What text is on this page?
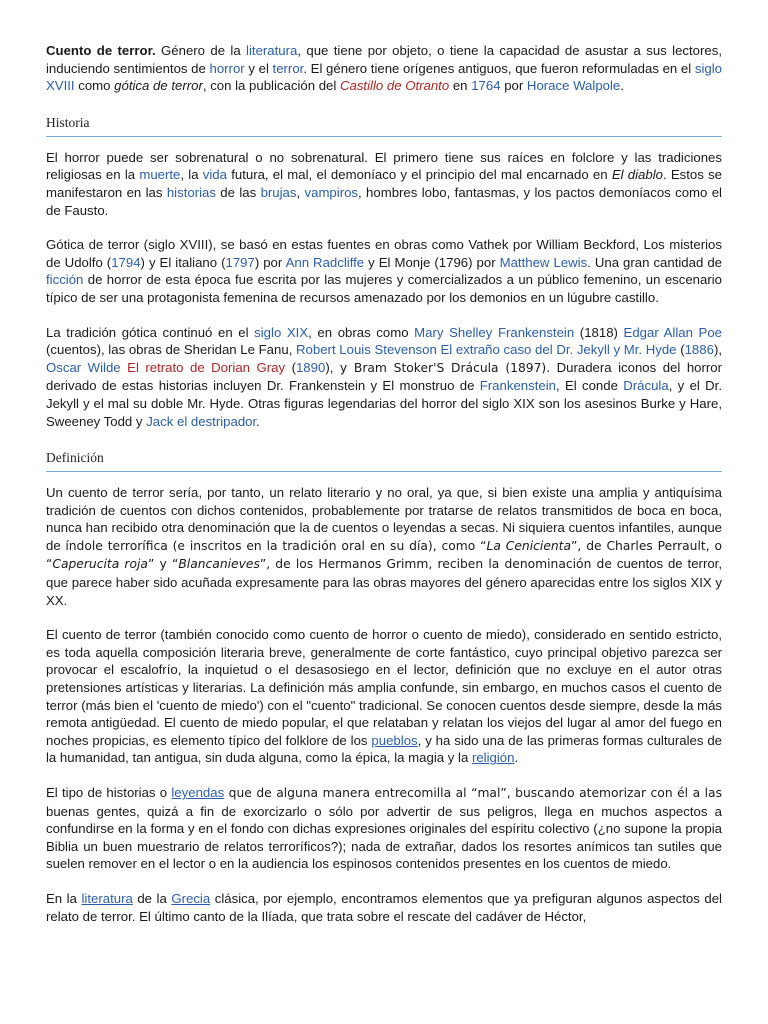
Cuento de terror. Género de la literatura, que tiene por objeto, o tiene la capacidad de asustar a sus lectores, induciendo sentimientos de horror y el terror. El género tiene orígenes antiguos, que fueron reformuladas en el siglo XVIII como gótica de terror, con la publicación del Castillo de Otranto en 1764 por Horace Walpole.

Historia

El horror puede ser sobrenatural o no sobrenatural. El primero tiene sus raíces en folclore y las tradiciones religiosas en la muerte, la vida futura, el mal, el demoníaco y el principio del mal encarnado en El diablo. Estos se manifestaron en las historias de las brujas, vampiros, hombres lobo, fantasmas, y los pactos demoníacos como el de Fausto.

Gótica de terror (siglo XVIII), se basó en estas fuentes en obras como Vathek por William Beckford, Los misterios de Udolfo (1794) y El italiano (1797) por Ann Radcliffe y El Monje (1796) por Matthew Lewis. Una gran cantidad de ficción de horror de esta época fue escrita por las mujeres y comercializados a un público femenino, un escenario típico de ser una protagonista femenina de recursos amenazado por los demonios en un lúgubre castillo.

La tradición gótica continuó en el siglo XIX, en obras como Mary Shelley Frankenstein (1818) Edgar Allan Poe (cuentos), las obras de Sheridan Le Fanu, Robert Louis Stevenson El extraño caso del Dr. Jekyll y Mr. Hyde (1886), Oscar Wilde El retrato de Dorian Gray (1890), y Bram Stoker'S Drácula (1897). Duradera iconos del horror derivado de estas historias incluyen Dr. Frankenstein y El monstruo de Frankenstein, El conde Drácula, y el Dr. Jekyll y el mal su doble Mr. Hyde. Otras figuras legendarias del horror del siglo XIX son los asesinos Burke y Hare, Sweeney Todd y Jack el destripador.

Definición

Un cuento de terror sería, por tanto, un relato literario y no oral, ya que, si bien existe una amplia y antiquísima tradición de cuentos con dichos contenidos, probablemente por tratarse de relatos transmitidos de boca en boca, nunca han recibido otra denominación que la de cuentos o leyendas a secas. Ni siquiera cuentos infantiles, aunque de índole terrorífica (e inscritos en la tradición oral en su día), como “La Cenicienta”, de Charles Perrault, o “Caperucita roja” y “Blancanieves”, de los Hermanos Grimm, reciben la denominación de cuentos de terror, que parece haber sido acuñada expresamente para las obras mayores del género aparecidas entre los siglos XIX y XX.

El cuento de terror (también conocido como cuento de horror o cuento de miedo), considerado en sentido estricto, es toda aquella composición literaria breve, generalmente de corte fantástico, cuyo principal objetivo parezca ser provocar el escalofrío, la inquietud o el desasosiego en el lector, definición que no excluye en el autor otras pretensiones artísticas y literarias. La definición más amplia confunde, sin embargo, en muchos casos el cuento de terror (más bien el 'cuento de miedo') con el "cuento" tradicional. Se conocen cuentos desde siempre, desde la más remota antigüedad. El cuento de miedo popular, el que relataban y relatan los viejos del lugar al amor del fuego en noches propicias, es elemento típico del folklore de los pueblos, y ha sido una de las primeras formas culturales de la humanidad, tan antigua, sin duda alguna, como la épica, la magia y la religión.

El tipo de historias o leyendas que de alguna manera entrecomilla al “mal”, buscando atemorizar con él a las buenas gentes, quizá a fin de exorcizarlo o sólo por advertir de sus peligros, llega en muchos aspectos a confundirse en la forma y en el fondo con dichas expresiones originales del espíritu colectivo (¿no supone la propia Biblia un buen muestrario de relatos terroríficos?); nada de extrañar, dados los resortes anímicos tan sutiles que suelen remover en el lector o en la audiencia los espinosos contenidos presentes en los cuentos de miedo.

En la literatura de la Grecia clásica, por ejemplo, encontramos elementos que ya prefiguran algunos aspectos del relato de terror. El último canto de la Ilíada, que trata sobre el rescate del cadáver de Héctor,
